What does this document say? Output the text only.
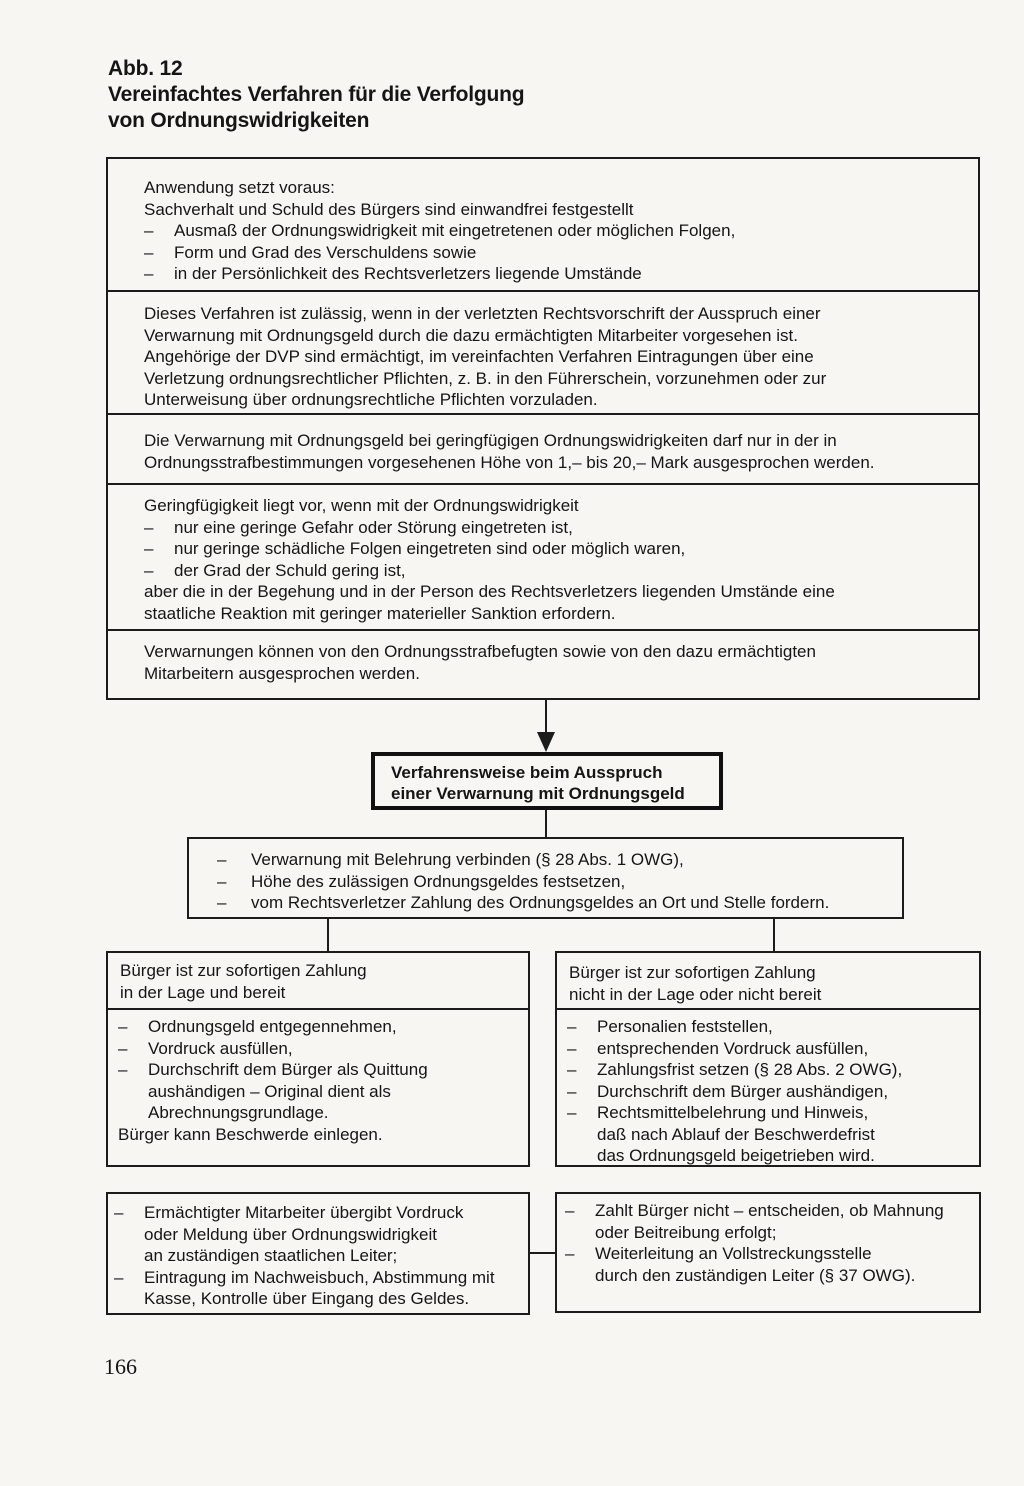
Abb. 12
Vereinfachtes Verfahren für die Verfolgung
von Ordnungswidrigkeiten
Anwendung setzt voraus:
Sachverhalt und Schuld des Bürgers sind einwandfrei festgestellt
–	Ausmaß der Ordnungswidrigkeit mit eingetretenen oder möglichen Folgen,
–	Form und Grad des Verschuldens sowie
–	in der Persönlichkeit des Rechtsverletzers liegende Umstände
Dieses Verfahren ist zulässig, wenn in der verletzten Rechtsvorschrift der Ausspruch einer
Verwarnung mit Ordnungsgeld durch die dazu ermächtigten Mitarbeiter vorgesehen ist.
Angehörige der DVP sind ermächtigt, im vereinfachten Verfahren Eintragungen über eine
Verletzung ordnungsrechtlicher Pflichten, z. B. in den Führerschein, vorzunehmen oder zur
Unterweisung über ordnungsrechtliche Pflichten vorzuladen.
Die Verwarnung mit Ordnungsgeld bei geringfügigen Ordnungswidrigkeiten darf nur in der in
Ordnungsstrafbestimmungen vorgesehenen Höhe von 1,– bis 20,– Mark ausgesprochen werden.
Geringfügigkeit liegt vor, wenn mit der Ordnungswidrigkeit
–	nur eine geringe Gefahr oder Störung eingetreten ist,
–	nur geringe schädliche Folgen eingetreten sind oder möglich waren,
–	der Grad der Schuld gering ist,
aber die in der Begehung und in der Person des Rechtsverletzers liegenden Umstände eine
staatliche Reaktion mit geringer materieller Sanktion erfordern.
Verwarnungen können von den Ordnungsstrafbefugten sowie von den dazu ermächtigten
Mitarbeitern ausgesprochen werden.
Verfahrensweise beim Ausspruch
einer Verwarnung mit Ordnungsgeld
–	Verwarnung mit Belehrung verbinden (§ 28 Abs. 1 OWG),
–	Höhe des zulässigen Ordnungsgeldes festsetzen,
–	vom Rechtsverletzer Zahlung des Ordnungsgeldes an Ort und Stelle fordern.
Bürger ist zur sofortigen Zahlung
in der Lage und bereit
–	Ordnungsgeld entgegennehmen,
–	Vordruck ausfüllen,
–	Durchschrift dem Bürger als Quittung
aushändigen – Original dient als
Abrechnungsgrundlage.
Bürger kann Beschwerde einlegen.
Bürger ist zur sofortigen Zahlung
nicht in der Lage oder nicht bereit
–	Personalien feststellen,
–	entsprechenden Vordruck ausfüllen,
–	Zahlungsfrist setzen (§ 28 Abs. 2 OWG),
–	Durchschrift dem Bürger aushändigen,
–	Rechtsmittelbelehrung und Hinweis,
daß nach Ablauf der Beschwerdefrist
das Ordnungsgeld beigetrieben wird.
–	Ermächtigter Mitarbeiter übergibt Vordruck
oder Meldung über Ordnungswidrigkeit
an zuständigen staatlichen Leiter;
–	Eintragung im Nachweisbuch, Abstimmung mit
Kasse, Kontrolle über Eingang des Geldes.
–	Zahlt Bürger nicht – entscheiden, ob Mahnung
oder Beitreibung erfolgt;
–	Weiterleitung an Vollstreckungsstelle
durch den zuständigen Leiter (§ 37 OWG).
166
